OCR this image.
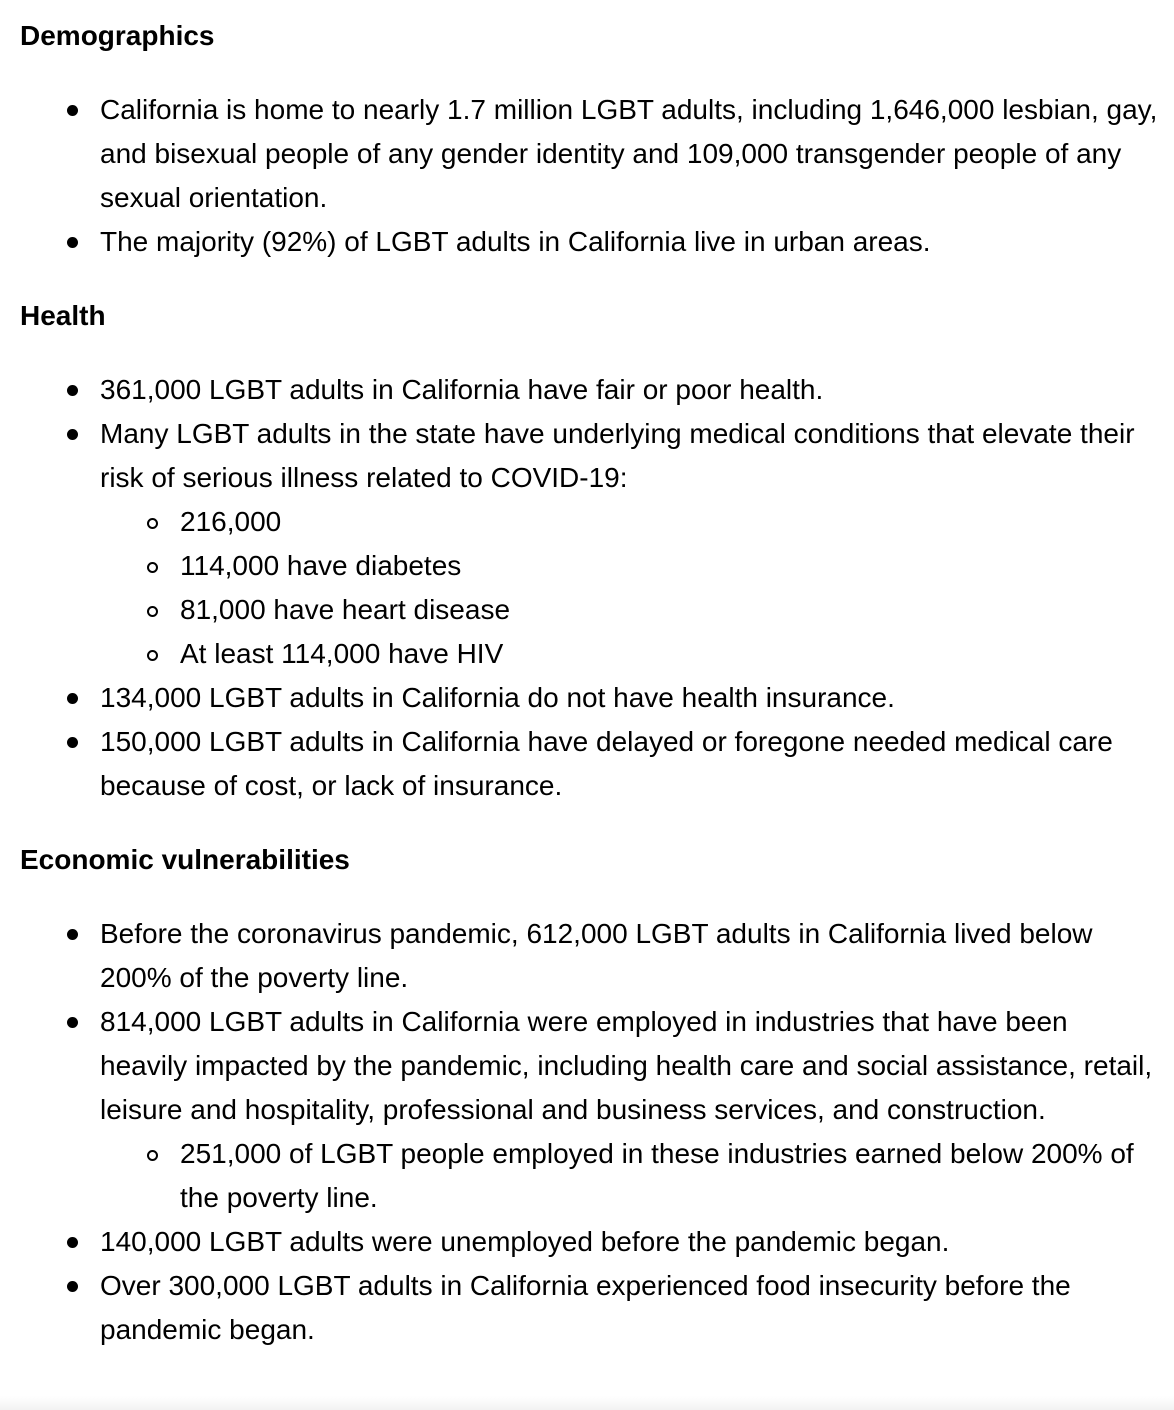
Demographics
California is home to nearly 1.7 million LGBT adults, including 1,646,000 lesbian, gay, and bisexual people of any gender identity and 109,000 transgender people of any sexual orientation.
The majority (92%) of LGBT adults in California live in urban areas.
Health
361,000 LGBT adults in California have fair or poor health.
Many LGBT adults in the state have underlying medical conditions that elevate their risk of serious illness related to COVID-19:
216,000
114,000 have diabetes
81,000 have heart disease
At least 114,000 have HIV
134,000 LGBT adults in California do not have health insurance.
150,000 LGBT adults in California have delayed or foregone needed medical care because of cost, or lack of insurance.
Economic vulnerabilities
Before the coronavirus pandemic, 612,000 LGBT adults in California lived below 200% of the poverty line.
814,000 LGBT adults in California were employed in industries that have been heavily impacted by the pandemic, including health care and social assistance, retail, leisure and hospitality, professional and business services, and construction.
251,000 of LGBT people employed in these industries earned below 200% of the poverty line.
140,000 LGBT adults were unemployed before the pandemic began.
Over 300,000 LGBT adults in California experienced food insecurity before the pandemic began.
